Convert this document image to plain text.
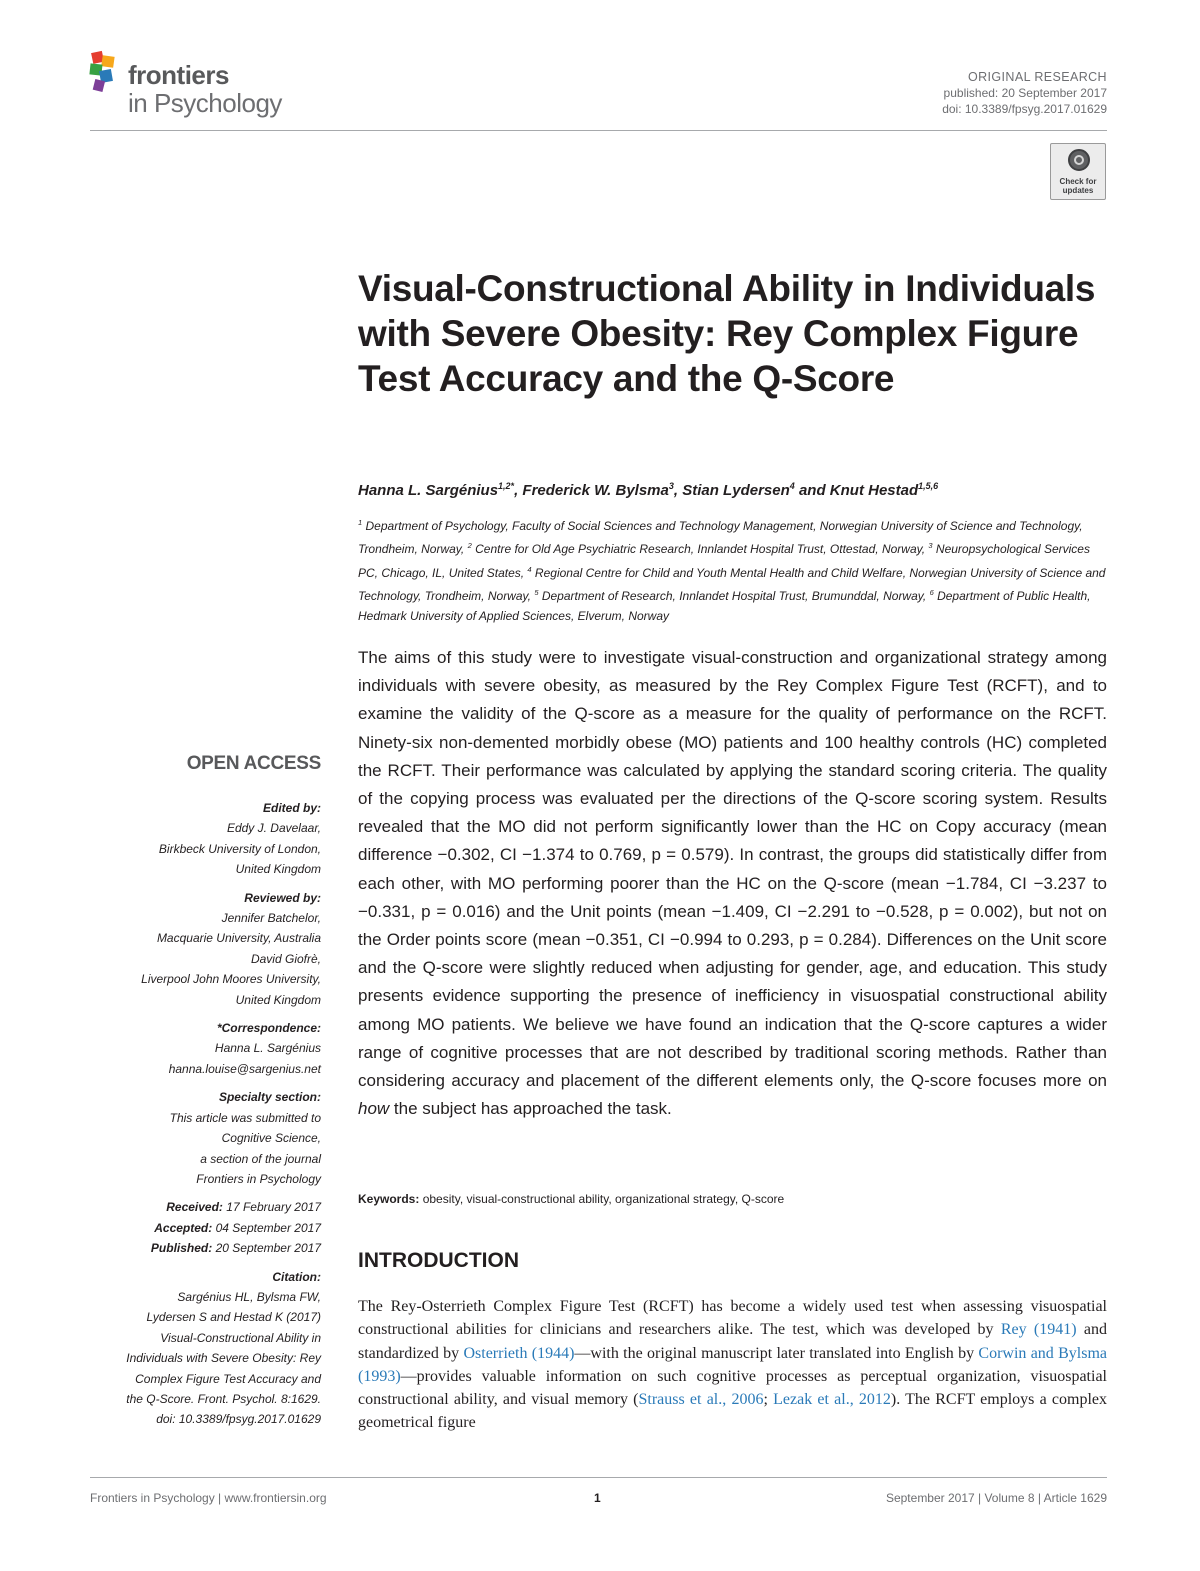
frontiers
in Psychology
ORIGINAL RESEARCH
published: 20 September 2017
doi: 10.3389/fpsyg.2017.01629
Check for updates
Visual-Constructional Ability in Individuals with Severe Obesity: Rey Complex Figure Test Accuracy and the Q-Score
Hanna L. Sargénius$^{1,2*}$, Frederick W. Bylsma$^3$, Stian Lydersen$^4$ and Knut Hestad$^{1,5,6}$
$^1$ Department of Psychology, Faculty of Social Sciences and Technology Management, Norwegian University of Science and Technology, Trondheim, Norway, $^2$ Centre for Old Age Psychiatric Research, Innlandet Hospital Trust, Ottestad, Norway, $^3$ Neuropsychological Services PC, Chicago, IL, United States, $^4$ Regional Centre for Child and Youth Mental Health and Child Welfare, Norwegian University of Science and Technology, Trondheim, Norway, $^5$ Department of Research, Innlandet Hospital Trust, Brumunddal, Norway, $^6$ Department of Public Health, Hedmark University of Applied Sciences, Elverum, Norway

The aims of this study were to investigate visual-construction and organizational strategy among individuals with severe obesity, as measured by the Rey Complex Figure Test (RCFT), and to examine the validity of the Q-score as a measure for the quality of performance on the RCFT. Ninety-six non-demented morbidly obese (MO) patients and 100 healthy controls (HC) completed the RCFT. Their performance was calculated by applying the standard scoring criteria. The quality of the copying process was evaluated per the directions of the Q-score scoring system. Results revealed that the MO did not perform significantly lower than the HC on Copy accuracy (mean difference −0.302, CI −1.374 to 0.769, p = 0.579). In contrast, the groups did statistically differ from each other, with MO performing poorer than the HC on the Q-score (mean −1.784, CI −3.237 to −0.331, p = 0.016) and the Unit points (mean −1.409, CI −2.291 to −0.528, p = 0.002), but not on the Order points score (mean −0.351, CI −0.994 to 0.293, p = 0.284). Differences on the Unit score and the Q-score were slightly reduced when adjusting for gender, age, and education. This study presents evidence supporting the presence of inefficiency in visuospatial constructional ability among MO patients. We believe we have found an indication that the Q-score captures a wider range of cognitive processes that are not described by traditional scoring methods. Rather than considering accuracy and placement of the different elements only, the Q-score focuses more on how the subject has approached the task.

Keywords: obesity, visual-constructional ability, organizational strategy, Q-score
INTRODUCTION

The Rey-Osterrieth Complex Figure Test (RCFT) has become a widely used test when assessing visuospatial constructional abilities for clinicians and researchers alike. The test, which was developed by Rey (1941) and standardized by Osterrieth (1944)—with the original manuscript later translated into English by Corwin and Bylsma (1993)—provides valuable information on such cognitive processes as perceptual organization, visuospatial constructional ability, and visual memory (Strauss et al., 2006; Lezak et al., 2012). The RCFT employs a complex geometrical figure

OPEN ACCESS
Edited by:
Eddy J. Davelaar,
Birkbeck University of London,
United Kingdom
Reviewed by:
Jennifer Batchelor,
Macquarie University, Australia
David Giofrè,
Liverpool John Moores University,
United Kingdom
*Correspondence:
Hanna L. Sargénius
hanna.louise@sargenius.net
Specialty section:
This article was submitted to
Cognitive Science,
a section of the journal
Frontiers in Psychology
Received: 17 February 2017
Accepted: 04 September 2017
Published: 20 September 2017
Citation:
Sargénius HL, Bylsma FW,
Lydersen S and Hestad K (2017)
Visual-Constructional Ability in
Individuals with Severe Obesity: Rey
Complex Figure Test Accuracy and
the Q-Score. Front. Psychol. 8:1629.
doi: 10.3389/fpsyg.2017.01629
Frontiers in Psychology | www.frontiersin.org	1	September 2017 | Volume 8 | Article 1629
